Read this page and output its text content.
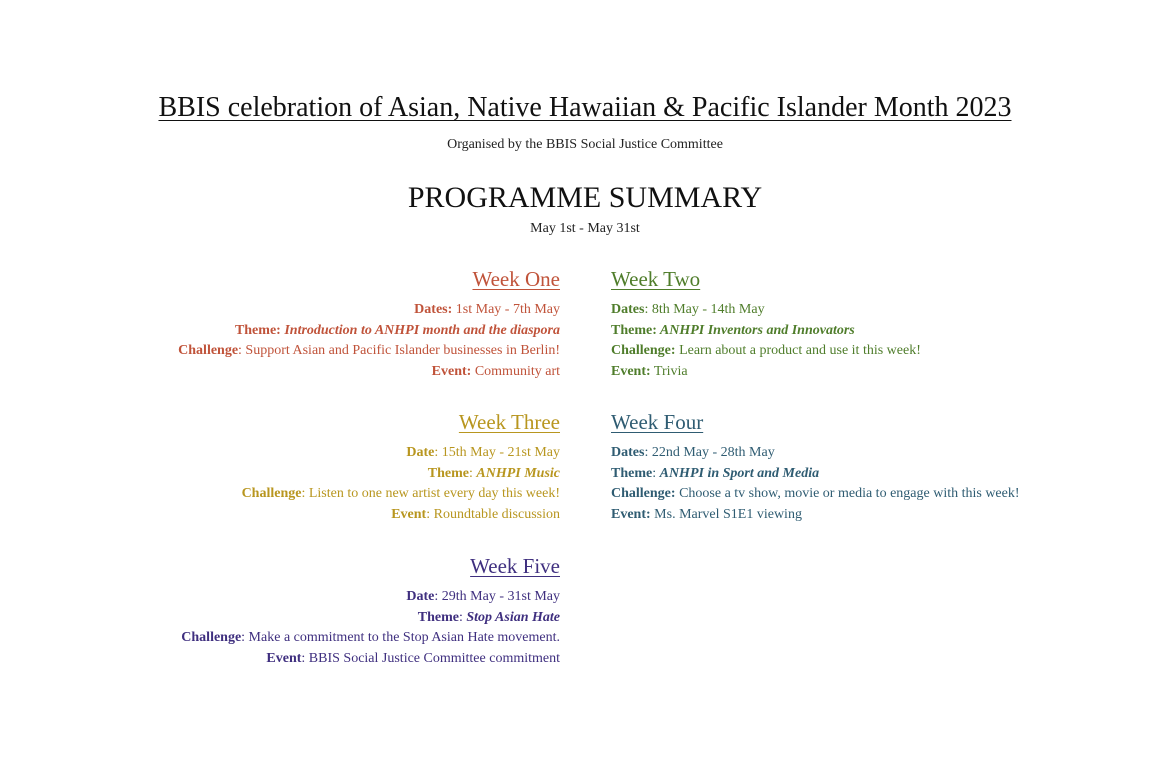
BBIS celebration of Asian, Native Hawaiian & Pacific Islander Month 2023
Organised by the BBIS Social Justice Committee
PROGRAMME SUMMARY
May 1st - May 31st
Week One
Dates: 1st May - 7th May
Theme: Introduction to ANHPI month and the diaspora
Challenge: Support Asian and Pacific Islander businesses in Berlin!
Event: Community art
Week Two
Dates: 8th May - 14th May
Theme: ANHPI Inventors and Innovators
Challenge: Learn about a product and use it this week!
Event: Trivia
Week Three
Date: 15th May - 21st May
Theme: ANHPI Music
Challenge: Listen to one new artist every day this week!
Event: Roundtable discussion
Week Four
Dates: 22nd May - 28th May
Theme: ANHPI in Sport and Media
Challenge: Choose a tv show, movie or media to engage with this week!
Event: Ms. Marvel S1E1 viewing
Week Five
Date: 29th May - 31st May
Theme: Stop Asian Hate
Challenge: Make a commitment to the Stop Asian Hate movement.
Event: BBIS Social Justice Committee commitment
